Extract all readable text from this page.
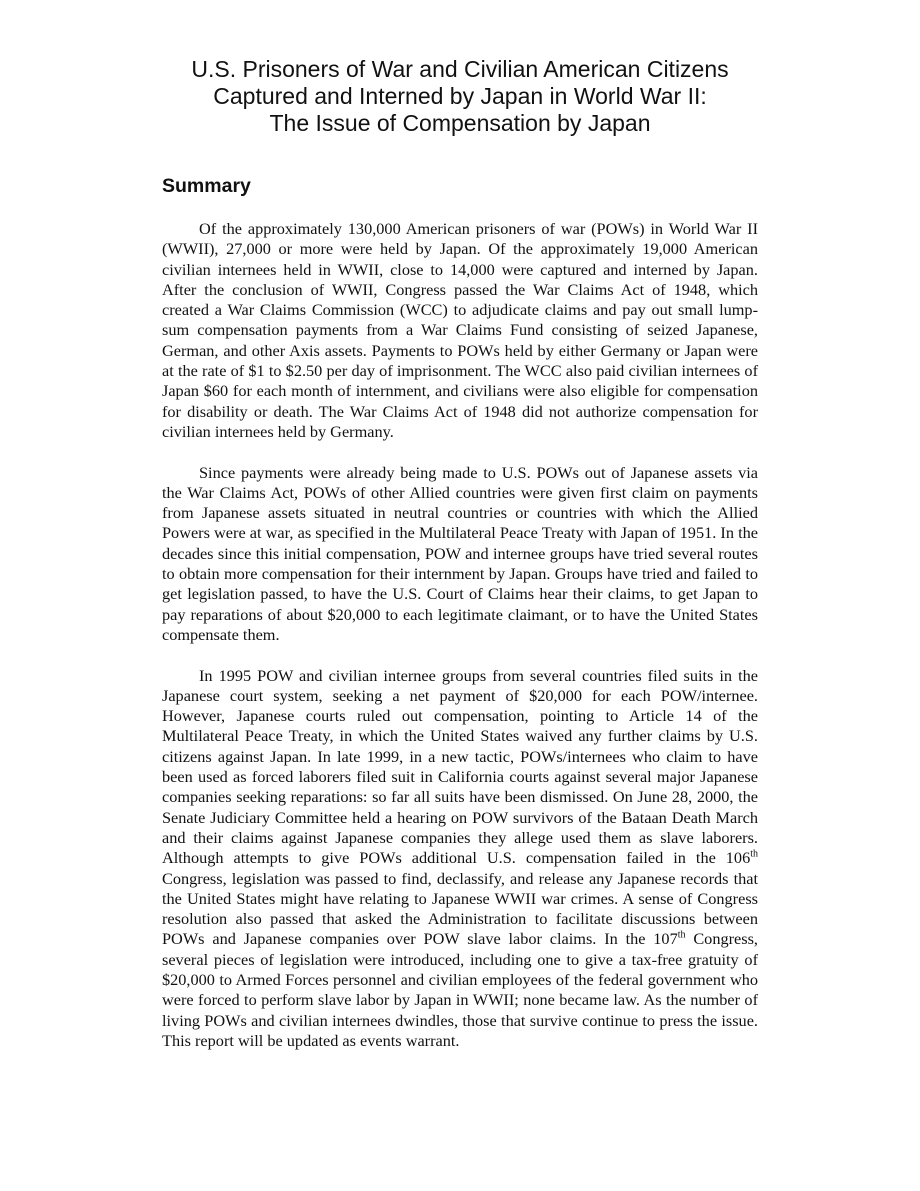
U.S. Prisoners of War and Civilian American Citizens
Captured and Interned by Japan in World War II:
The Issue of Compensation by Japan
Summary

Of the approximately 130,000 American prisoners of war (POWs) in World War II (WWII), 27,000 or more were held by Japan. Of the approximately 19,000 American civilian internees held in WWII, close to 14,000 were captured and interned by Japan. After the conclusion of WWII, Congress passed the War Claims Act of 1948, which created a War Claims Commission (WCC) to adjudicate claims and pay out small lump-sum compensation payments from a War Claims Fund consisting of seized Japanese, German, and other Axis assets. Payments to POWs held by either Germany or Japan were at the rate of $1 to $2.50 per day of imprisonment. The WCC also paid civilian internees of Japan $60 for each month of internment, and civilians were also eligible for compensation for disability or death. The War Claims Act of 1948 did not authorize compensation for civilian internees held by Germany.

Since payments were already being made to U.S. POWs out of Japanese assets via the War Claims Act, POWs of other Allied countries were given first claim on payments from Japanese assets situated in neutral countries or countries with which the Allied Powers were at war, as specified in the Multilateral Peace Treaty with Japan of 1951. In the decades since this initial compensation, POW and internee groups have tried several routes to obtain more compensation for their internment by Japan. Groups have tried and failed to get legislation passed, to have the U.S. Court of Claims hear their claims, to get Japan to pay reparations of about $20,000 to each legitimate claimant, or to have the United States compensate them.

In 1995 POW and civilian internee groups from several countries filed suits in the Japanese court system, seeking a net payment of $20,000 for each POW/internee. However, Japanese courts ruled out compensation, pointing to Article 14 of the Multilateral Peace Treaty, in which the United States waived any further claims by U.S. citizens against Japan. In late 1999, in a new tactic, POWs/internees who claim to have been used as forced laborers filed suit in California courts against several major Japanese companies seeking reparations: so far all suits have been dismissed. On June 28, 2000, the Senate Judiciary Committee held a hearing on POW survivors of the Bataan Death March and their claims against Japanese companies they allege used them as slave laborers. Although attempts to give POWs additional U.S. compensation failed in the 106th Congress, legislation was passed to find, declassify, and release any Japanese records that the United States might have relating to Japanese WWII war crimes. A sense of Congress resolution also passed that asked the Administration to facilitate discussions between POWs and Japanese companies over POW slave labor claims. In the 107th Congress, several pieces of legislation were introduced, including one to give a tax-free gratuity of $20,000 to Armed Forces personnel and civilian employees of the federal government who were forced to perform slave labor by Japan in WWII; none became law. As the number of living POWs and civilian internees dwindles, those that survive continue to press the issue. This report will be updated as events warrant.
